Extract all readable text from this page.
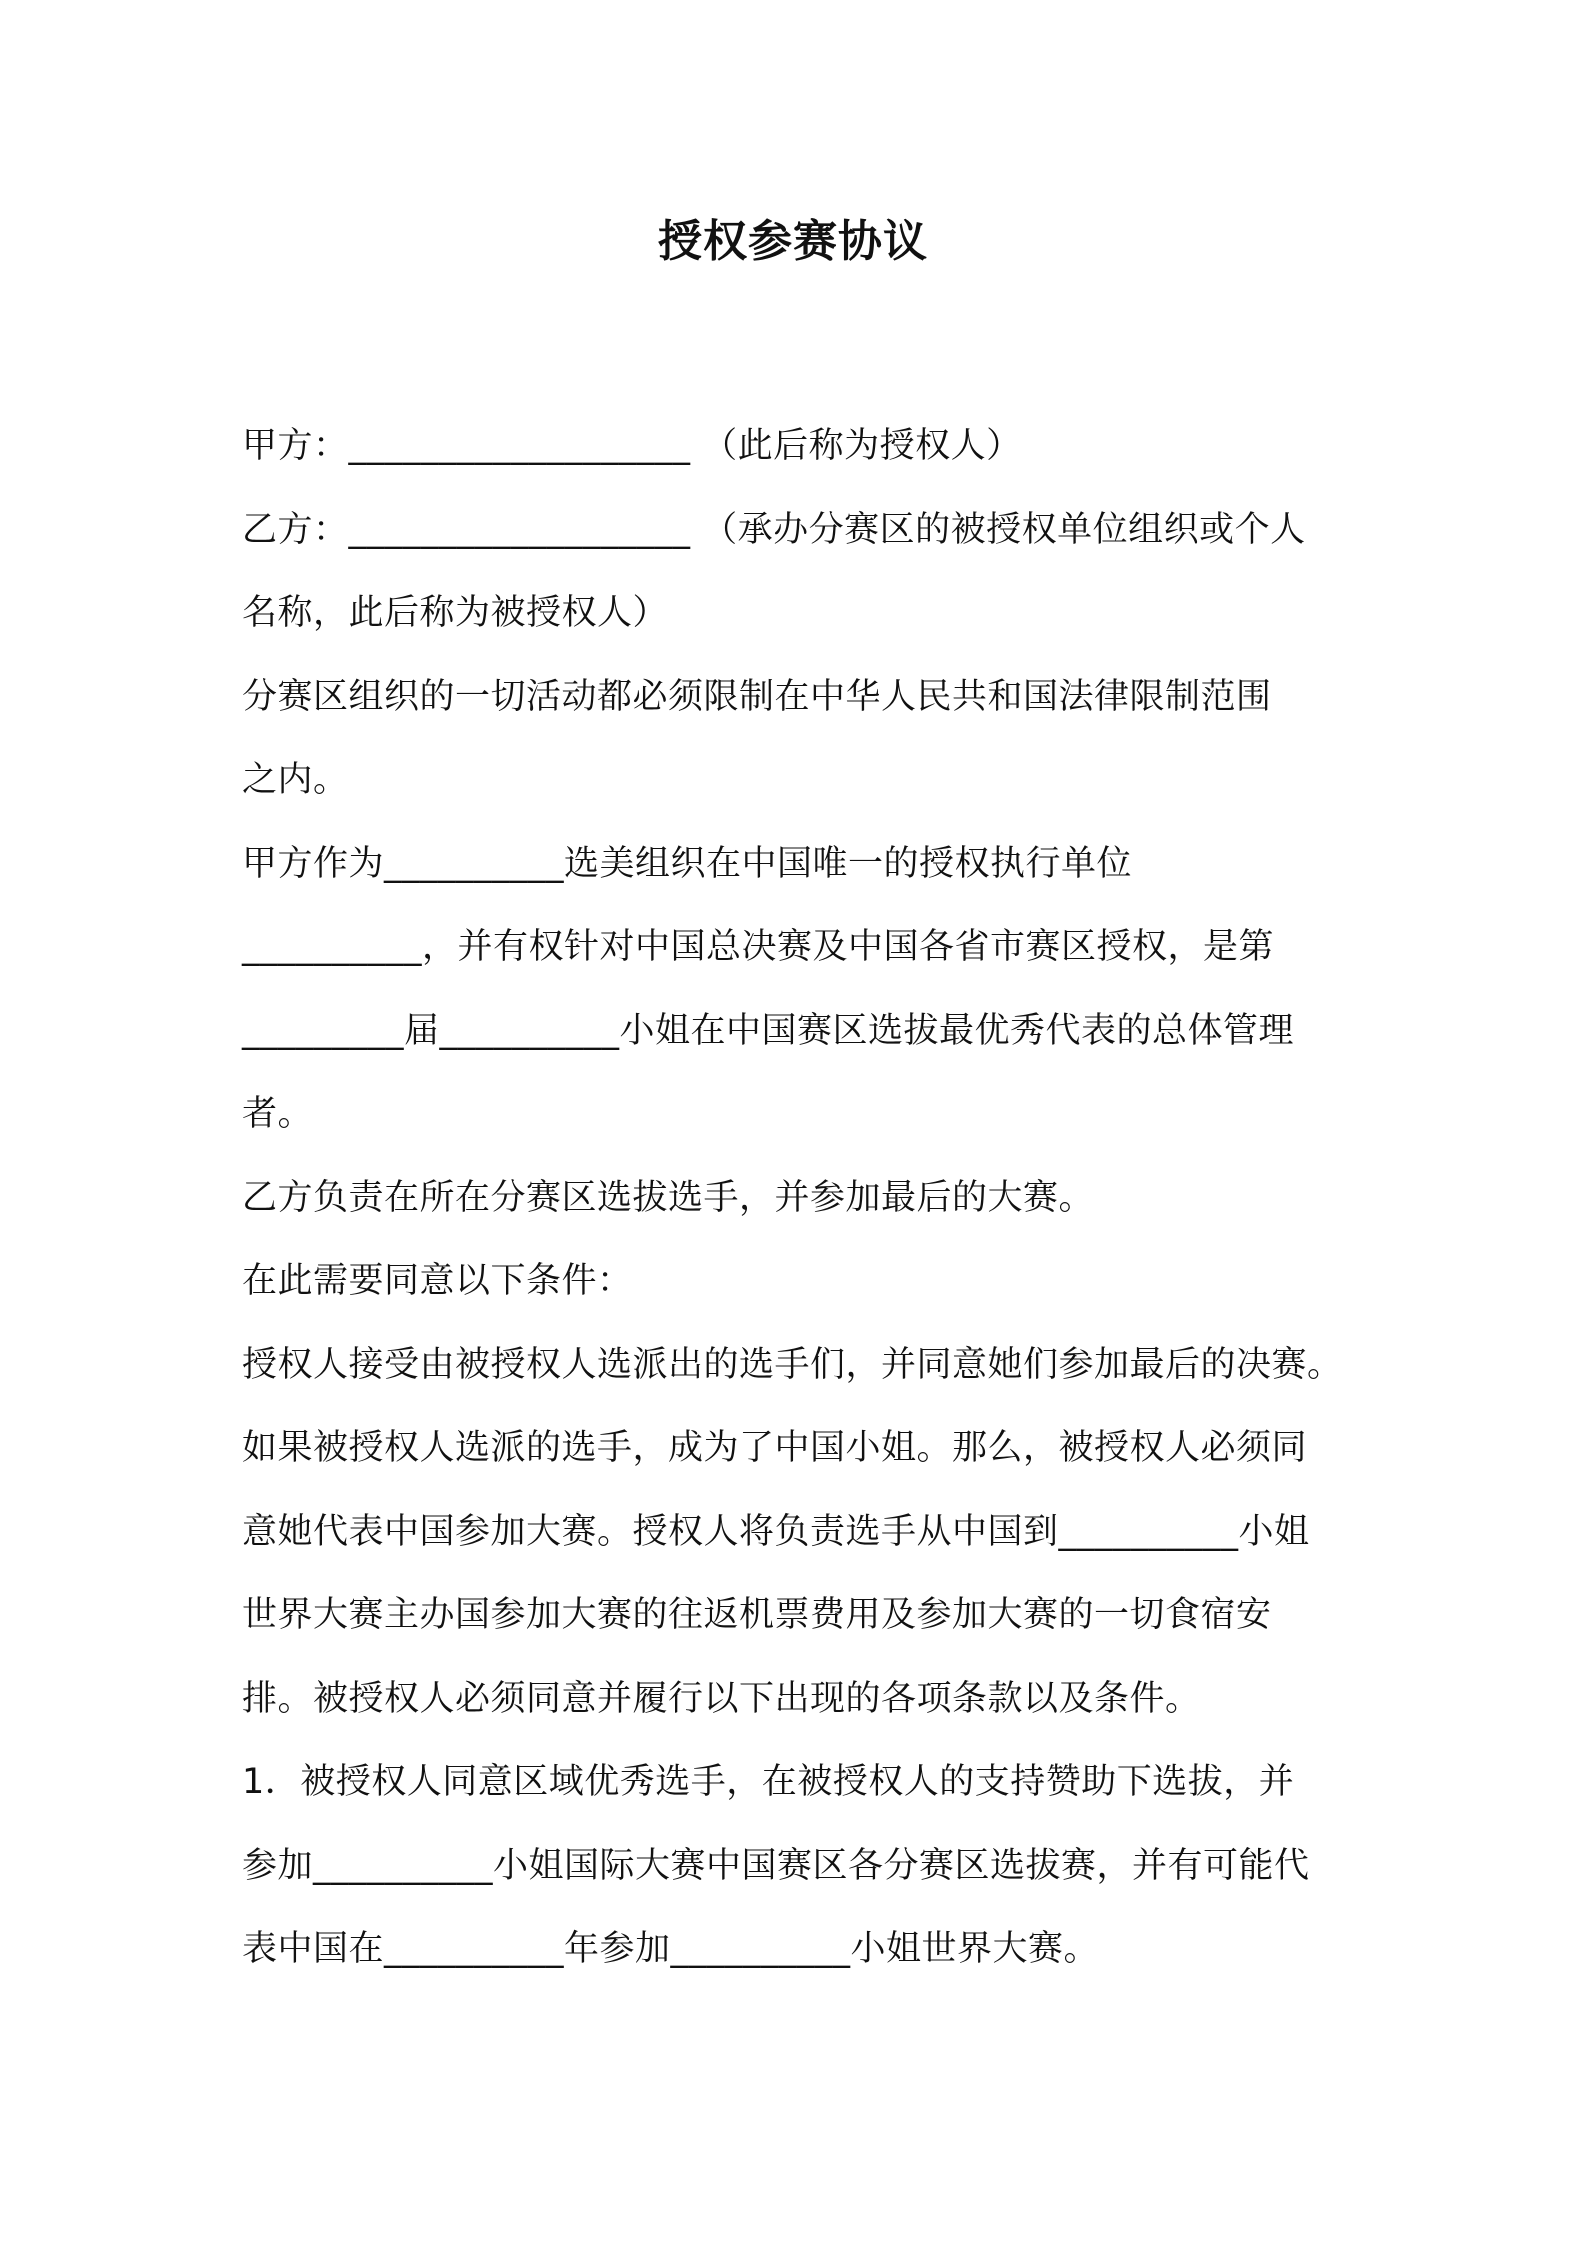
授权参赛协议
甲方：___________________ （此后称为授权人）
乙方：___________________ （承办分赛区的被授权单位组织或个人
名称，此后称为被授权人）
分赛区组织的一切活动都必须限制在中华人民共和国法律限制范围
之内。
甲方作为__________选美组织在中国唯一的授权执行单位
__________，并有权针对中国总决赛及中国各省市赛区授权，是第
_________届__________小姐在中国赛区选拔最优秀代表的总体管理
者。
乙方负责在所在分赛区选拔选手，并参加最后的大赛。
在此需要同意以下条件：
授权人接受由被授权人选派出的选手们，并同意她们参加最后的决赛。
如果被授权人选派的选手，成为了中国小姐。那么，被授权人必须同
意她代表中国参加大赛。授权人将负责选手从中国到__________小姐
世界大赛主办国参加大赛的往返机票费用及参加大赛的一切食宿安
排。被授权人必须同意并履行以下出现的各项条款以及条件。
1．被授权人同意区域优秀选手，在被授权人的支持赞助下选拔，并
参加__________小姐国际大赛中国赛区各分赛区选拔赛，并有可能代
表中国在__________年参加__________小姐世界大赛。
